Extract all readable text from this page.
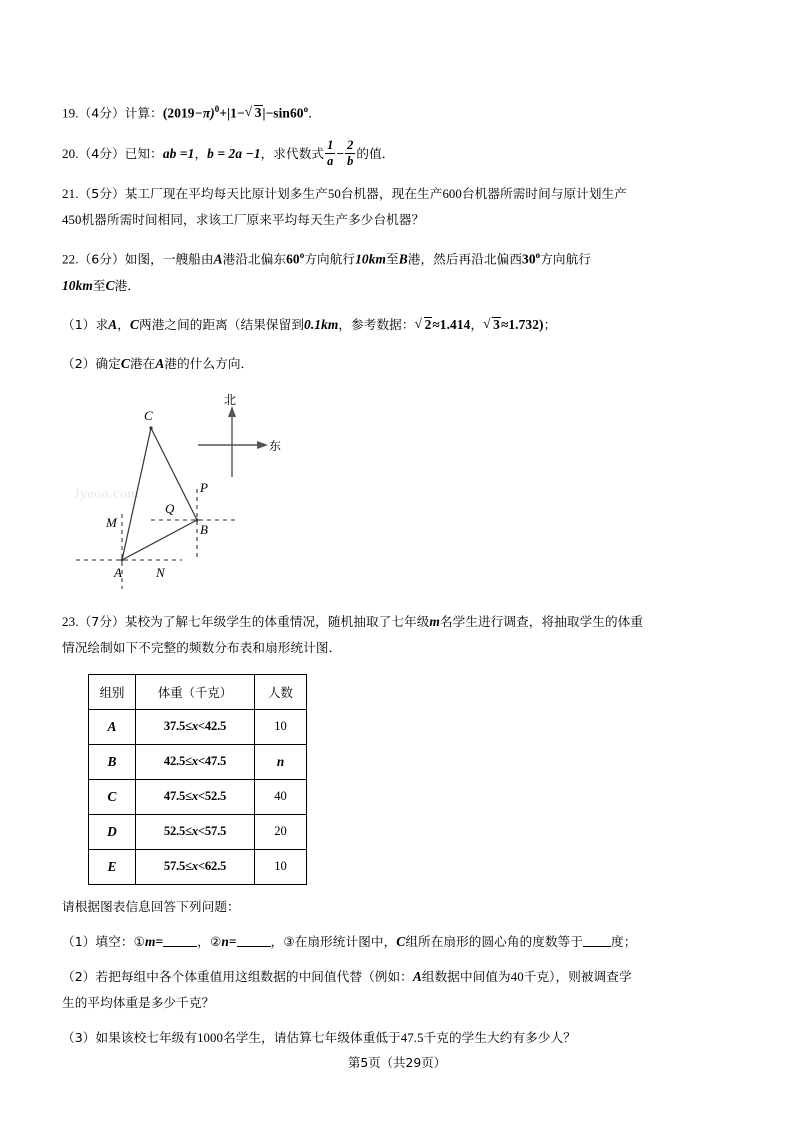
19.（4分）计算：$(2019-\pi)^0+|1-$ √ $3|-\sin 60^o$．
20.（4分）已知：ab =1，b = 2a −1，求代数式 $\frac{1}{a} - \frac{2}{b}$ 的值．
21.（5分）某工厂现在平均每天比原计划多生产50台机器，现在生产600台机器所需时间与原计划生产
450机器所需时间相同，求该工厂原来平均每天生产多少台机器？
22.（6分）如图，一艘船由A港沿北偏东60$^o$方向航行10km至B港，然后再沿北偏西30$^o$方向航行
10km至C港．
（1）求A，C两港之间的距离（结果保留到0.1km，参考数据： √ 2≈1.414， √ 3≈1.732)；
（2）确定C港在A港的什么方向．
Jyeoo.com
C
P
Q
M	B
A	N
北
东
23.（7分）某校为了解七年级学生的体重情况，随机抽取了七年级m名学生进行调查，将抽取学生的体重
情况绘制如下不完整的频数分布表和扇形统计图．
组别	体重（千克）	人数
A	37.5≤x<42.5	10
B	42.5≤x<47.5	n
C	47.5≤x<52.5	40
D	52.5≤x<57.5	20
E	57.5≤x<62.5	10
请根据图表信息回答下列问题：
（1）填空：①m=	，②n=	，③在扇形统计图中，C组所在扇形的圆心角的度数等于 度；
（2）若把每组中各个体重值用这组数据的中间值代替（例如：A组数据中间值为40千克），则被调查学
生的平均体重是多少千克？
（3）如果该校七年级有1000名学生，请估算七年级体重低于47.5千克的学生大约有多少人？
第5页（共29页）
